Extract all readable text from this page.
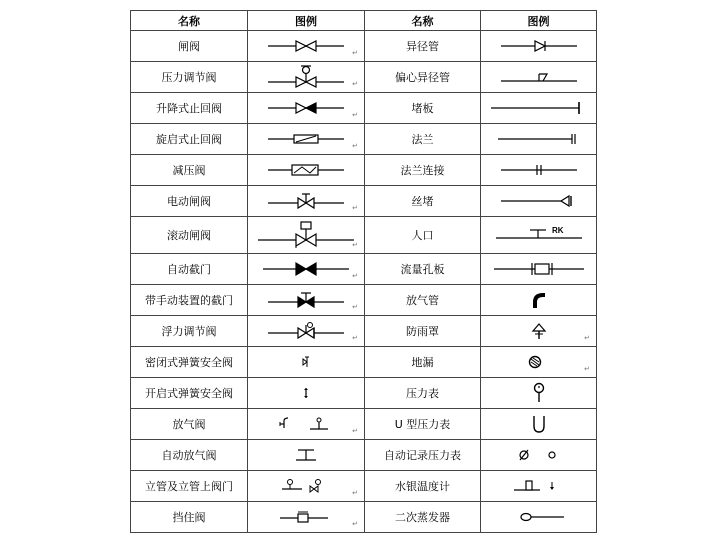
名称	图例	名称	图例
闸阀	↵	异径管	

压力调节阀	↵	偏心异径管	

升降式止回阀	↵	堵板	

旋启式止回阀	↵	法兰	

减压阀		法兰连接	

电动闸阀	↵	丝堵	

滚动闸阀	↵	人口	RK

自动截门	↵	流量孔板	

带手动装置的截门	↵	放气管	

浮力调节阀	↵	防雨罩	↵

密闭式弹簧安全阀		地漏	↵

开启式弹簧安全阀		压力表	

放气阀	↵	U 型压力表	

自动放气阀		自动记录压力表	

立管及立管上阀门	↵	水银温度计	

挡住阀	↵	二次蒸发器	
